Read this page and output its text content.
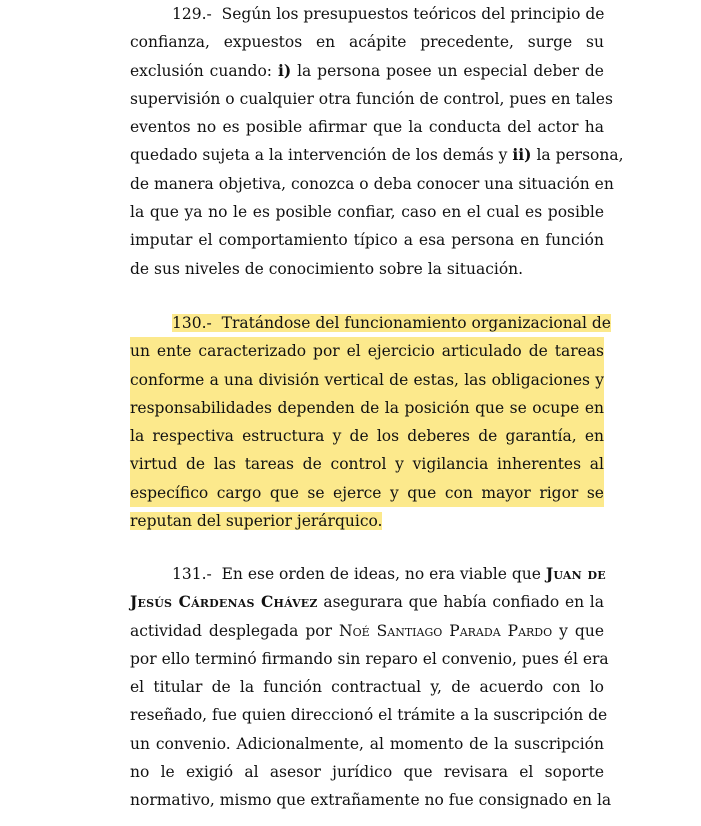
129.- Según los presupuestos teóricos del principio de
confianza, expuestos en acápite precedente, surge su
exclusión cuando: i) la persona posee un especial deber de
supervisión o cualquier otra función de control, pues en tales
eventos no es posible afirmar que la conducta del actor ha
quedado sujeta a la intervención de los demás y ii) la persona,
de manera objetiva, conozca o deba conocer una situación en
la que ya no le es posible confiar, caso en el cual es posible
imputar el comportamiento típico a esa persona en función
de sus niveles de conocimiento sobre la situación.
130.- Tratándose del funcionamiento organizacional de
un ente caracterizado por el ejercicio articulado de tareas
conforme a una división vertical de estas, las obligaciones y
responsabilidades dependen de la posición que se ocupe en
la respectiva estructura y de los deberes de garantía, en
virtud de las tareas de control y vigilancia inherentes al
específico cargo que se ejerce y que con mayor rigor se
reputan del superior jerárquico.
131.- En ese orden de ideas, no era viable que Juan de
Jesús Cárdenas Chávez asegurara que había confiado en la
actividad desplegada por Noé Santiago Parada Pardo y que
por ello terminó firmando sin reparo el convenio, pues él era
el titular de la función contractual y, de acuerdo con lo
reseñado, fue quien direccionó el trámite a la suscripción de
un convenio. Adicionalmente, al momento de la suscripción
no le exigió al asesor jurídico que revisara el soporte
normativo, mismo que extrañamente no fue consignado en la
